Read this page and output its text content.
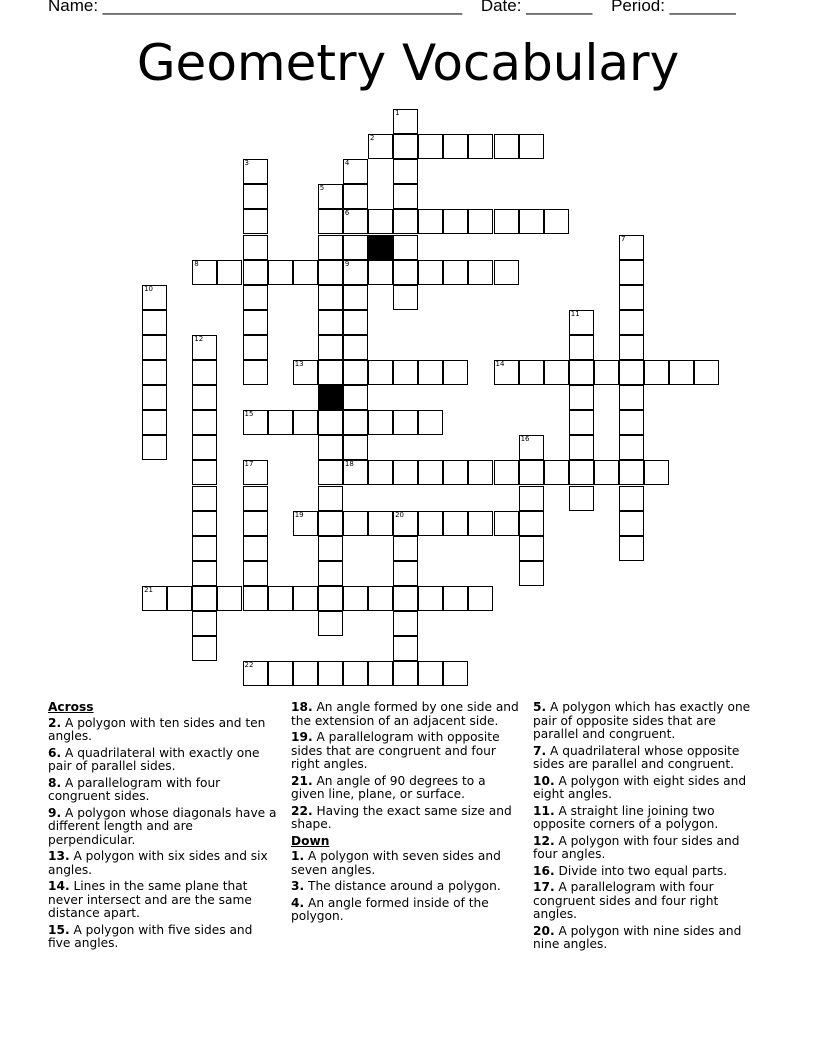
Name: ______________________________________ Date: _______ Period: _______
Geometry Vocabulary
2
6
8	9
13	14
15
18
19	20
21
22
1
3	4
5
7
10
11
12
16
17
Across
2. A polygon with ten sides and ten angles.
6. A quadrilateral with exactly one pair of parallel sides.
8. A parallelogram with four congruent sides.
9. A polygon whose diagonals have a different length and are perpendicular.
13. A polygon with six sides and six angles.
14. Lines in the same plane that never intersect and are the same distance apart.
15. A polygon with five sides and five angles.
18. An angle formed by one side and the extension of an adjacent side.
19. A parallelogram with opposite sides that are congruent and four right angles.
21. An angle of 90 degrees to a given line, plane, or surface.
22. Having the exact same size and shape.
Down
1. A polygon with seven sides and seven angles.
3. The distance around a polygon.
4. An angle formed inside of the polygon.
5. A polygon which has exactly one pair of opposite sides that are parallel and congruent.
7. A quadrilateral whose opposite sides are parallel and congruent.
10. A polygon with eight sides and eight angles.
11. A straight line joining two opposite corners of a polygon.
12. A polygon with four sides and four angles.
16. Divide into two equal parts.
17. A parallelogram with four congruent sides and four right angles.
20. A polygon with nine sides and nine angles.
